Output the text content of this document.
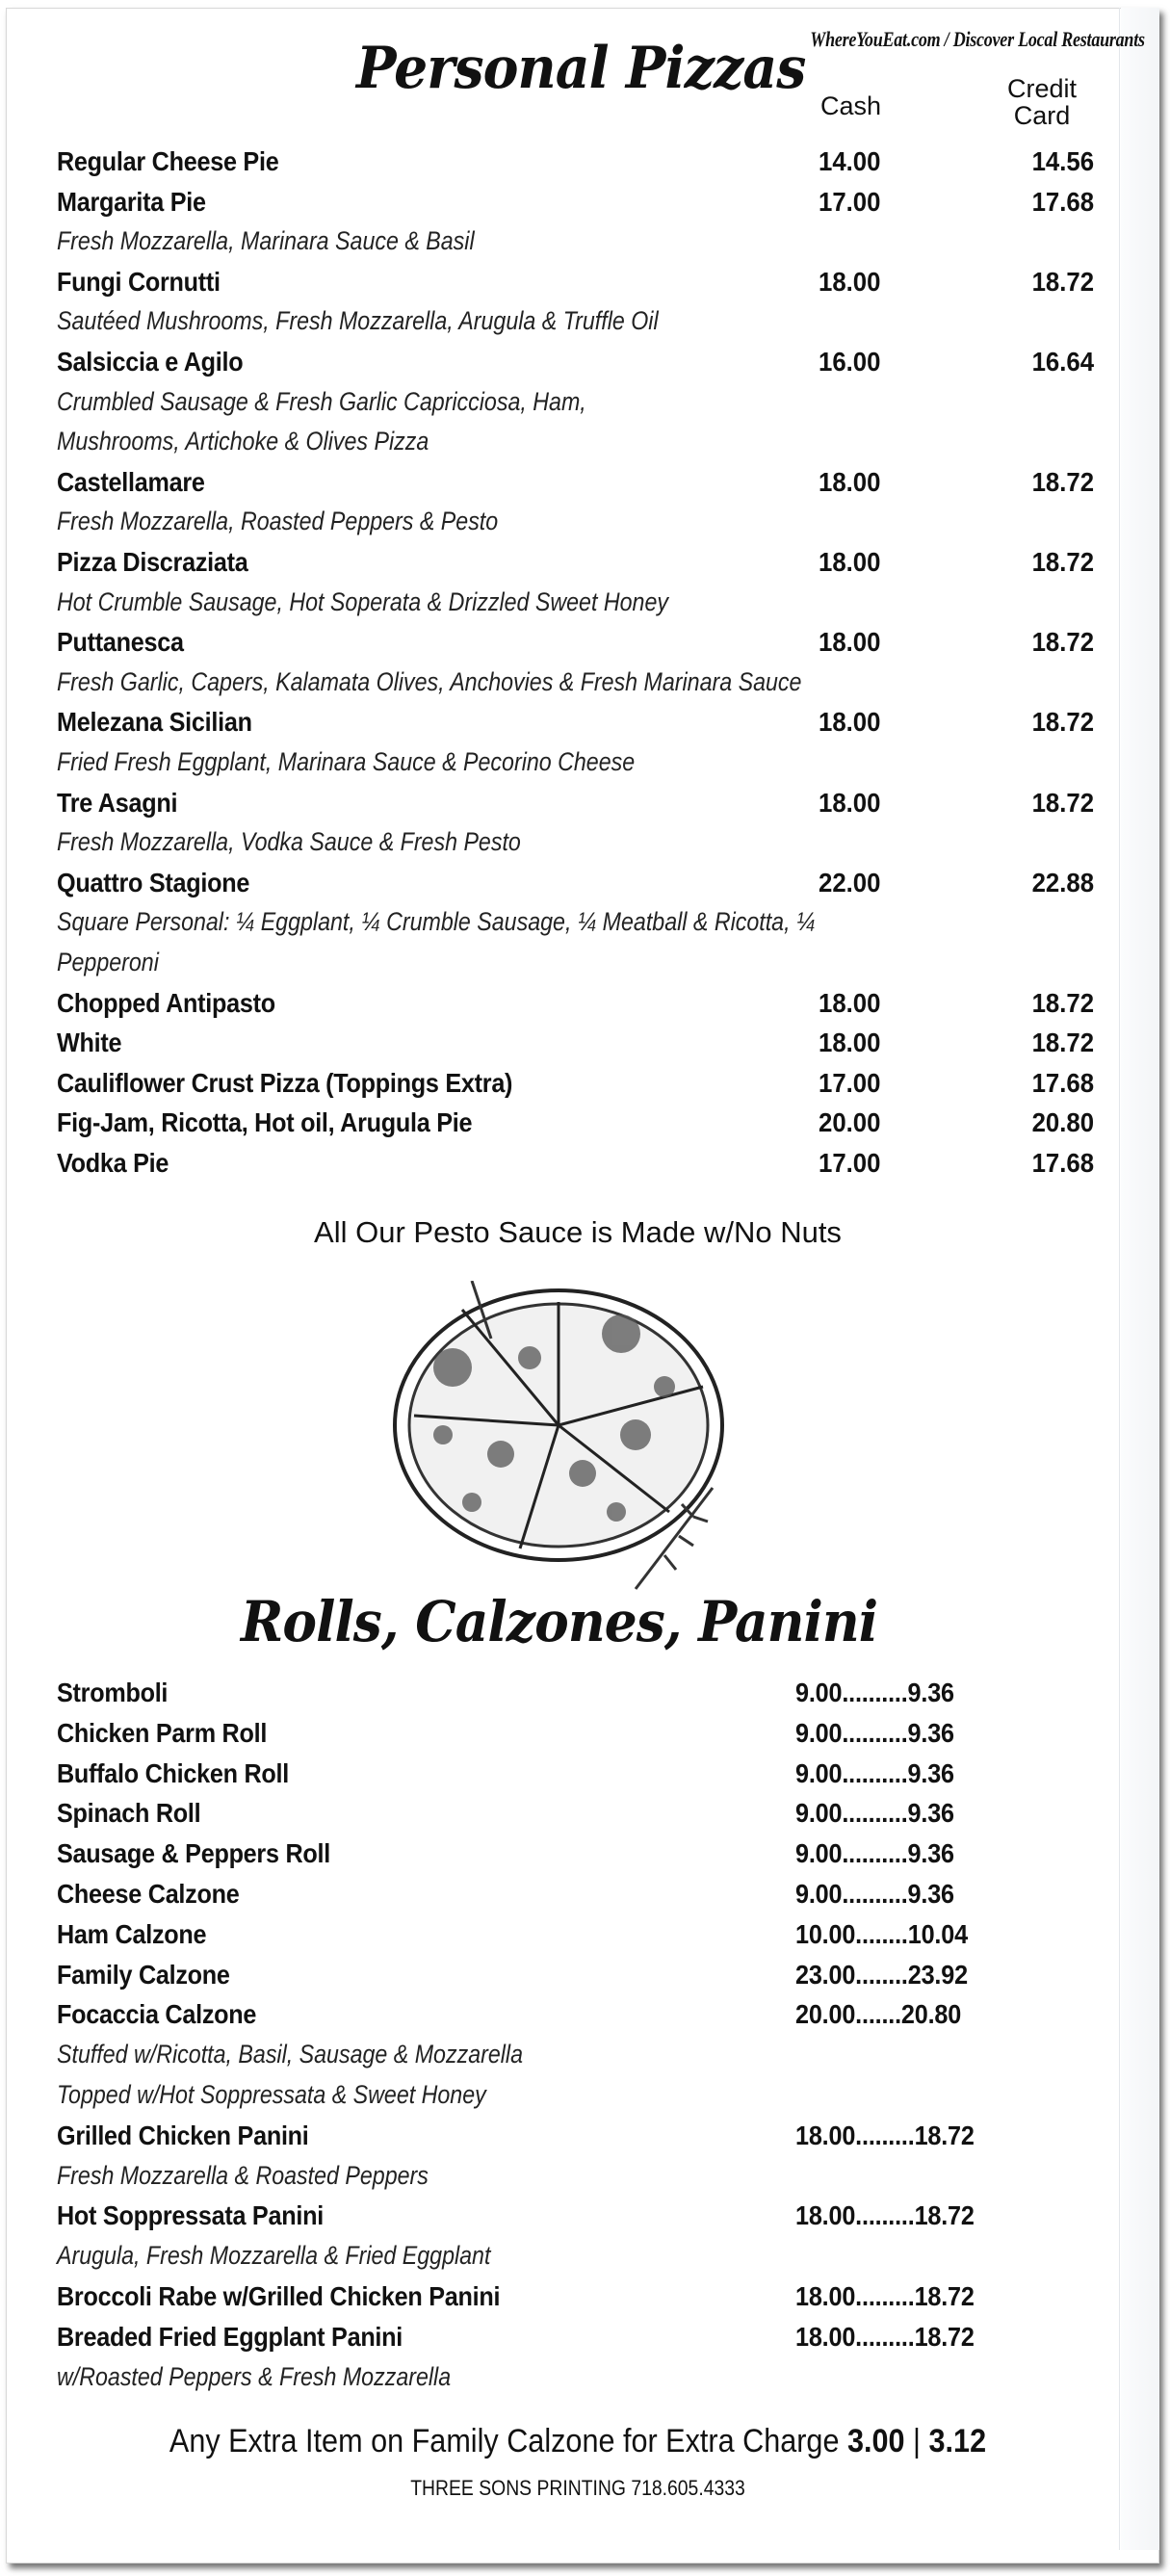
WhereYouEat.com / Discover Local Restaurants
Personal Pizzas
Cash
Credit
Card
Regular Cheese Pie	14.00	14.56
Margarita Pie	17.00	17.68
Fresh Mozzarella, Marinara Sauce & Basil
Fungi Cornutti	18.00	18.72
Sautéed Mushrooms, Fresh Mozzarella, Arugula & Truffle Oil
Salsiccia e Agilo	16.00	16.64
Crumbled Sausage & Fresh Garlic Capricciosa, Ham,
Mushrooms, Artichoke & Olives Pizza
Castellamare	18.00	18.72
Fresh Mozzarella, Roasted Peppers & Pesto
Pizza Discraziata	18.00	18.72
Hot Crumble Sausage, Hot Soperata & Drizzled Sweet Honey
Puttanesca	18.00	18.72
Fresh Garlic, Capers, Kalamata Olives, Anchovies & Fresh Marinara Sauce
Melezana Sicilian	18.00	18.72
Fried Fresh Eggplant, Marinara Sauce & Pecorino Cheese
Tre Asagni	18.00	18.72
Fresh Mozzarella, Vodka Sauce & Fresh Pesto
Quattro Stagione	22.00	22.88
Square Personal: ¼ Eggplant, ¼ Crumble Sausage, ¼ Meatball & Ricotta, ¼
Pepperoni
Chopped Antipasto	18.00	18.72
White	18.00	18.72
Cauliflower Crust Pizza (Toppings Extra)	17.00	17.68
Fig-Jam, Ricotta, Hot oil, Arugula Pie	20.00	20.80
Vodka Pie	17.00	17.68
All Our Pesto Sauce is Made w/No Nuts
Rolls, Calzones, Panini
Stromboli	9.00..........9.36
Chicken Parm Roll	9.00..........9.36
Buffalo Chicken Roll	9.00..........9.36
Spinach Roll	9.00..........9.36
Sausage & Peppers Roll	9.00..........9.36
Cheese Calzone	9.00..........9.36
Ham Calzone	10.00........10.04
Family Calzone	23.00........23.92
Focaccia Calzone	20.00.......20.80
Stuffed w/Ricotta, Basil, Sausage & Mozzarella
Topped w/Hot Soppressata & Sweet Honey
Grilled Chicken Panini	18.00.........18.72
Fresh Mozzarella & Roasted Peppers
Hot Soppressata Panini	18.00.........18.72
Arugula, Fresh Mozzarella & Fried Eggplant
Broccoli Rabe w/Grilled Chicken Panini	18.00.........18.72
Breaded Fried Eggplant Panini	18.00.........18.72
w/Roasted Peppers & Fresh Mozzarella
Any Extra Item on Family Calzone for Extra Charge 3.00 | 3.12
THREE SONS PRINTING 718.605.4333
